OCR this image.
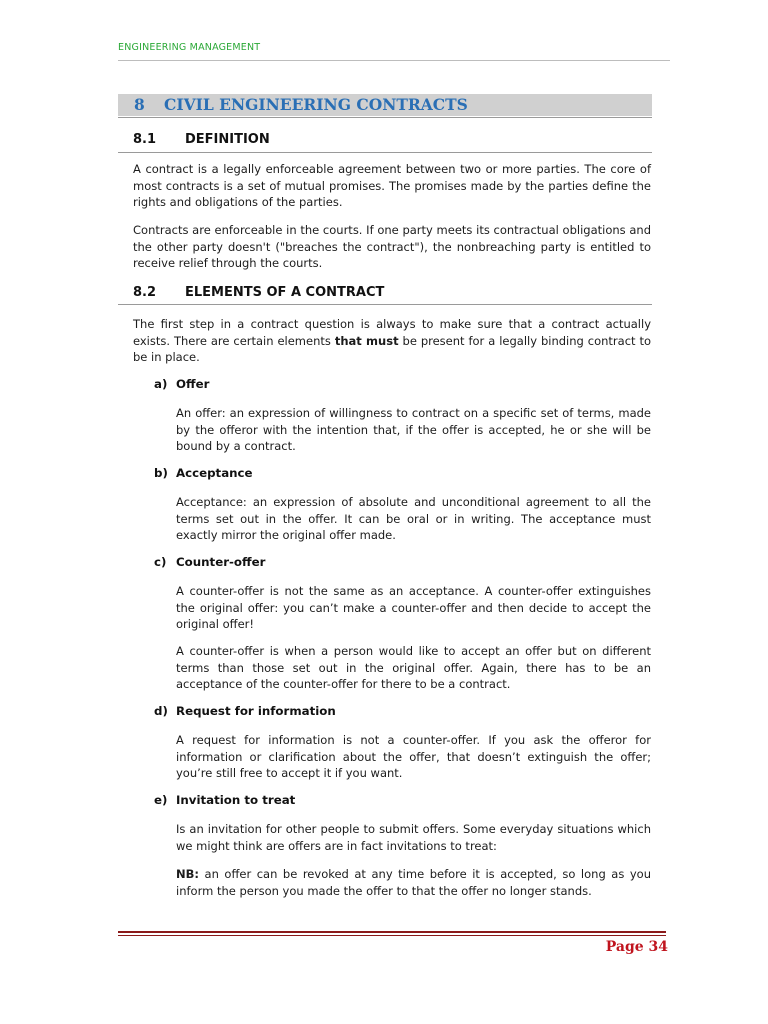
ENGINEERING MANAGEMENT
8 CIVIL ENGINEERING CONTRACTS
8.1 DEFINITION
A contract is a legally enforceable agreement between two or more parties. The core of most contracts is a set of mutual promises. The promises made by the parties define the rights and obligations of the parties.
Contracts are enforceable in the courts. If one party meets its contractual obligations and the other party doesn't ("breaches the contract"), the nonbreaching party is entitled to receive relief through the courts.
8.2 ELEMENTS OF A CONTRACT
The first step in a contract question is always to make sure that a contract actually exists. There are certain elements that must be present for a legally binding contract to be in place.
a) Offer
An offer: an expression of willingness to contract on a specific set of terms, made by the offeror with the intention that, if the offer is accepted, he or she will be bound by a contract.
b) Acceptance
Acceptance: an expression of absolute and unconditional agreement to all the terms set out in the offer. It can be oral or in writing. The acceptance must exactly mirror the original offer made.
c) Counter-offer
A counter-offer is not the same as an acceptance. A counter-offer extinguishes the original offer: you can’t make a counter-offer and then decide to accept the original offer!
A counter-offer is when a person would like to accept an offer but on different terms than those set out in the original offer. Again, there has to be an acceptance of the counter-offer for there to be a contract.
d) Request for information
A request for information is not a counter-offer. If you ask the offeror for information or clarification about the offer, that doesn’t extinguish the offer; you’re still free to accept it if you want.
e) Invitation to treat
Is an invitation for other people to submit offers. Some everyday situations which we might think are offers are in fact invitations to treat:
NB: an offer can be revoked at any time before it is accepted, so long as you inform the person you made the offer to that the offer no longer stands.
Page 34
